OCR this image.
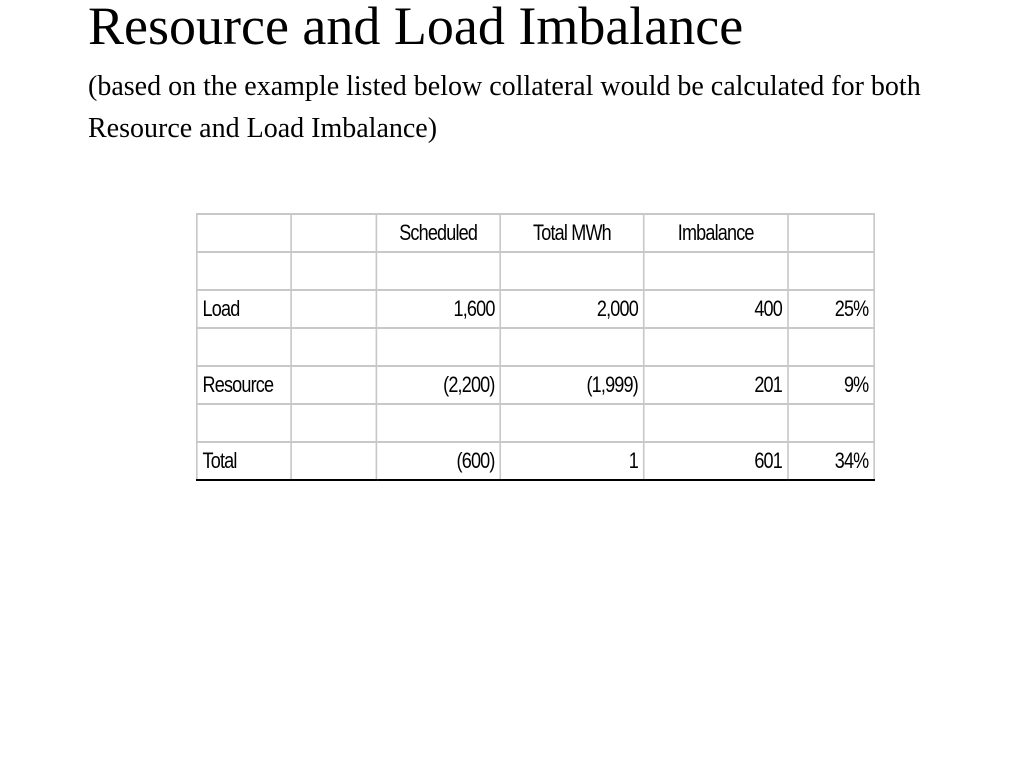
Resource and Load Imbalance
(based on the example listed below collateral would be calculated for both Resource and Load Imbalance)
		Scheduled	Total MWh	Imbalance	

Load		1,600	2,000	400	25%

Resource		(2,200)	(1,999)	201	9%

Total		(600)	1	601	34%
